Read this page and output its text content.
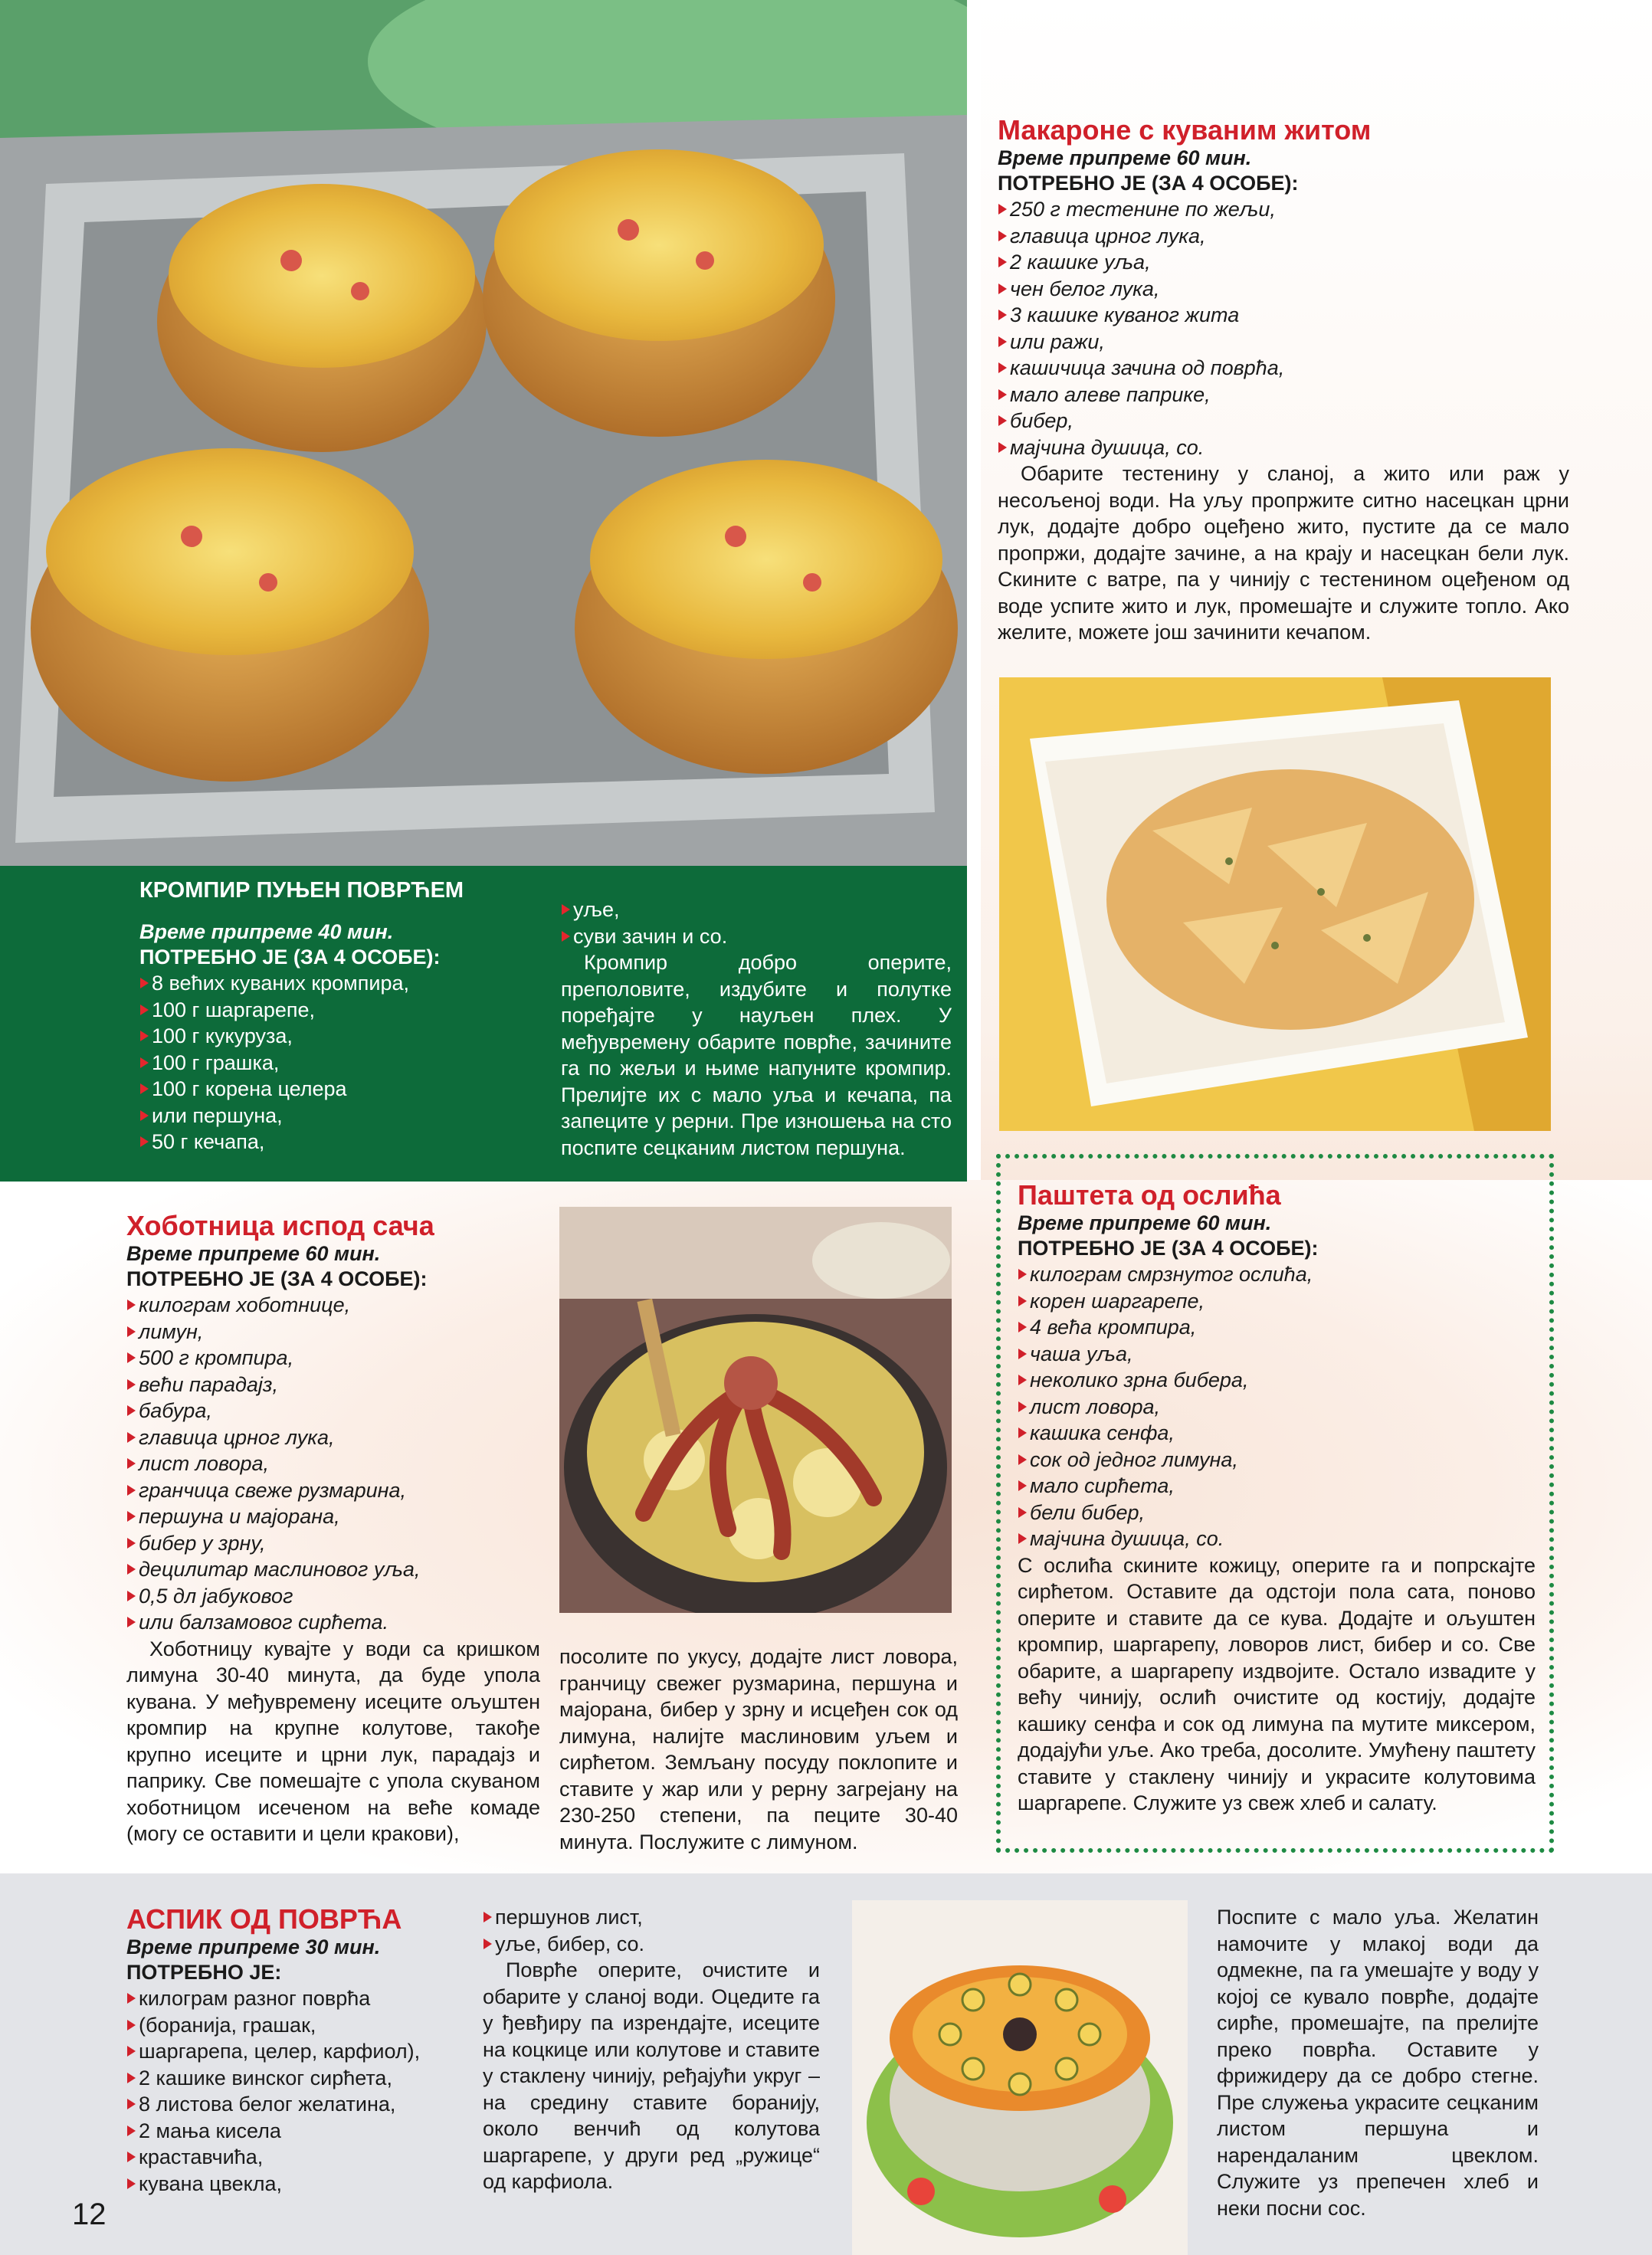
КРОМПИР ПУЊЕН ПОВРЋЕМ
Време припреме 40 мин.
ПОТРЕБНО ЈЕ (ЗА 4 ОСОБЕ):
8 већих куваних кромпира,
100 г шаргарепе,
100 г кукуруза,
100 г грашка,
100 г корена целера
или першуна,
50 г кечапа,
уље,
суви зачин и со.

Кромпир добро оперите, преполовите, издубите и полутке поређајте у науљен плех. У међувремену обарите поврће, зачините га по жељи и њиме напуните кромпир. Прелијте их с мало уља и кечапа, па запеците у рерни. Пре изношења на сто поспите сецканим листом першуна.

Макароне с куваним житом
Време припреме 60 мин.
ПОТРЕБНО ЈЕ (ЗА 4 ОСОБЕ):
250 г тестенине по жељи,
главица црног лука,
2 кашике уља,
чен белог лука,
3 кашике куваног жита
или ражи,
кашичица зачина од поврћа,
мало алеве паприке,
бибер,
мајчина душица, со.

Обарите тестенину у сланој, а жито или раж у несољеној води. На уљу пропржите ситно насецкан црни лук, додајте добро оцеђено жито, пустите да се мало пропржи, додајте зачине, а на крају и насецкан бели лук. Скините с ватре, па у чинију с тестенином оцеђеном од воде успите жито и лук, промешајте и служите топло. Ако желите, можете још зачинити кечапом.

Хоботница испод сача
Време припреме 60 мин.
ПОТРЕБНО ЈЕ (ЗА 4 ОСОБЕ):
килограм хоботнице,
лимун,
500 г кромпира,
већи парадајз,
бабура,
главица црног лука,
лист ловора,
гранчица свеже рузмарина,
першуна и мајорана,
бибер у зрну,
децилитар маслиновог уља,
0,5 дл јабуковог
или балзамовог сирћета.

Хоботницу кувајте у води са кришком лимуна 30-40 минута, да буде упола кувана. У међувремену исеците ољуштен кромпир на крупне колутове, такође крупно исеците и црни лук, парадајз и паприку. Све помешајте с упола скуваном хоботницом исеченом на веће комаде (могу се оставити и цели кракови),

посолите по укусу, додајте лист ловора, гранчицу свежег рузмарина, першуна и мајорана, бибер у зрну и исцеђен сок од лимуна, налијте маслиновим уљем и сирћетом. Земљану посуду поклопите и ставите у жар или у рерну загрејану на 230-250 степени, па пеците 30-40 минута. Послужите с лимуном.

Паштета од ослића
Време припреме 60 мин.
ПОТРЕБНО ЈЕ (ЗА 4 ОСОБЕ):
килограм смрзнутог ослића,
корен шаргарепе,
4 већа кромпира,
чаша уља,
неколико зрна бибера,
лист ловора,
кашика сенфа,
сок од једног лимуна,
мало сирћета,
бели бибер,
мајчина душица, со.

С ослића скините кожицу, оперите га и попрскајте сирћетом. Оставите да одстоји пола сата, поново оперите и ставите да се кува. Додајте и ољуштен кромпир, шаргарепу, ловоров лист, бибер и со. Све обарите, а шаргарепу издвојите. Остало извадите у већу чинију, ослић очистите од костију, додајте кашику сенфа и сок од лимуна па мутите миксером, додајући уље. Ако треба, досолите. Умућену паштету ставите у стаклену чинију и украсите колутовима шаргарепе. Служите уз свеж хлеб и салату.

АСПИК ОД ПОВРЋА
Време припреме 30 мин.
ПОТРЕБНО ЈЕ:
килограм разног поврћа
(боранија, грашак,
шаргарепа, целер, карфиол),
2 кашике винског сирћета,
8 листова белог желатина,
2 мања кисела
краставчића,
кувана цвекла,
першунов лист,
уље, бибер, со.

Поврће оперите, очистите и обарите у сланој води. Оцедите га у ђевђиру па изрендајте, исеците на коцкице или колутове и ставите у стаклену чинију, ређајући укруг – на средину ставите боранију, около венчић од колутова шаргарепе, у други ред „ружице“ од карфиола.

Поспите с мало уља. Желатин намочите у млакој води да одмекне, па га умешајте у воду у којој се кувало поврће, додајте сирће, промешајте, па прелијте преко поврћа. Оставите у фрижидеру да се добро стегне. Пре служења украсите сецканим листом першуна и нарендаланим цвеклом. Служите уз препечен хлеб и неки посни сос.

12
